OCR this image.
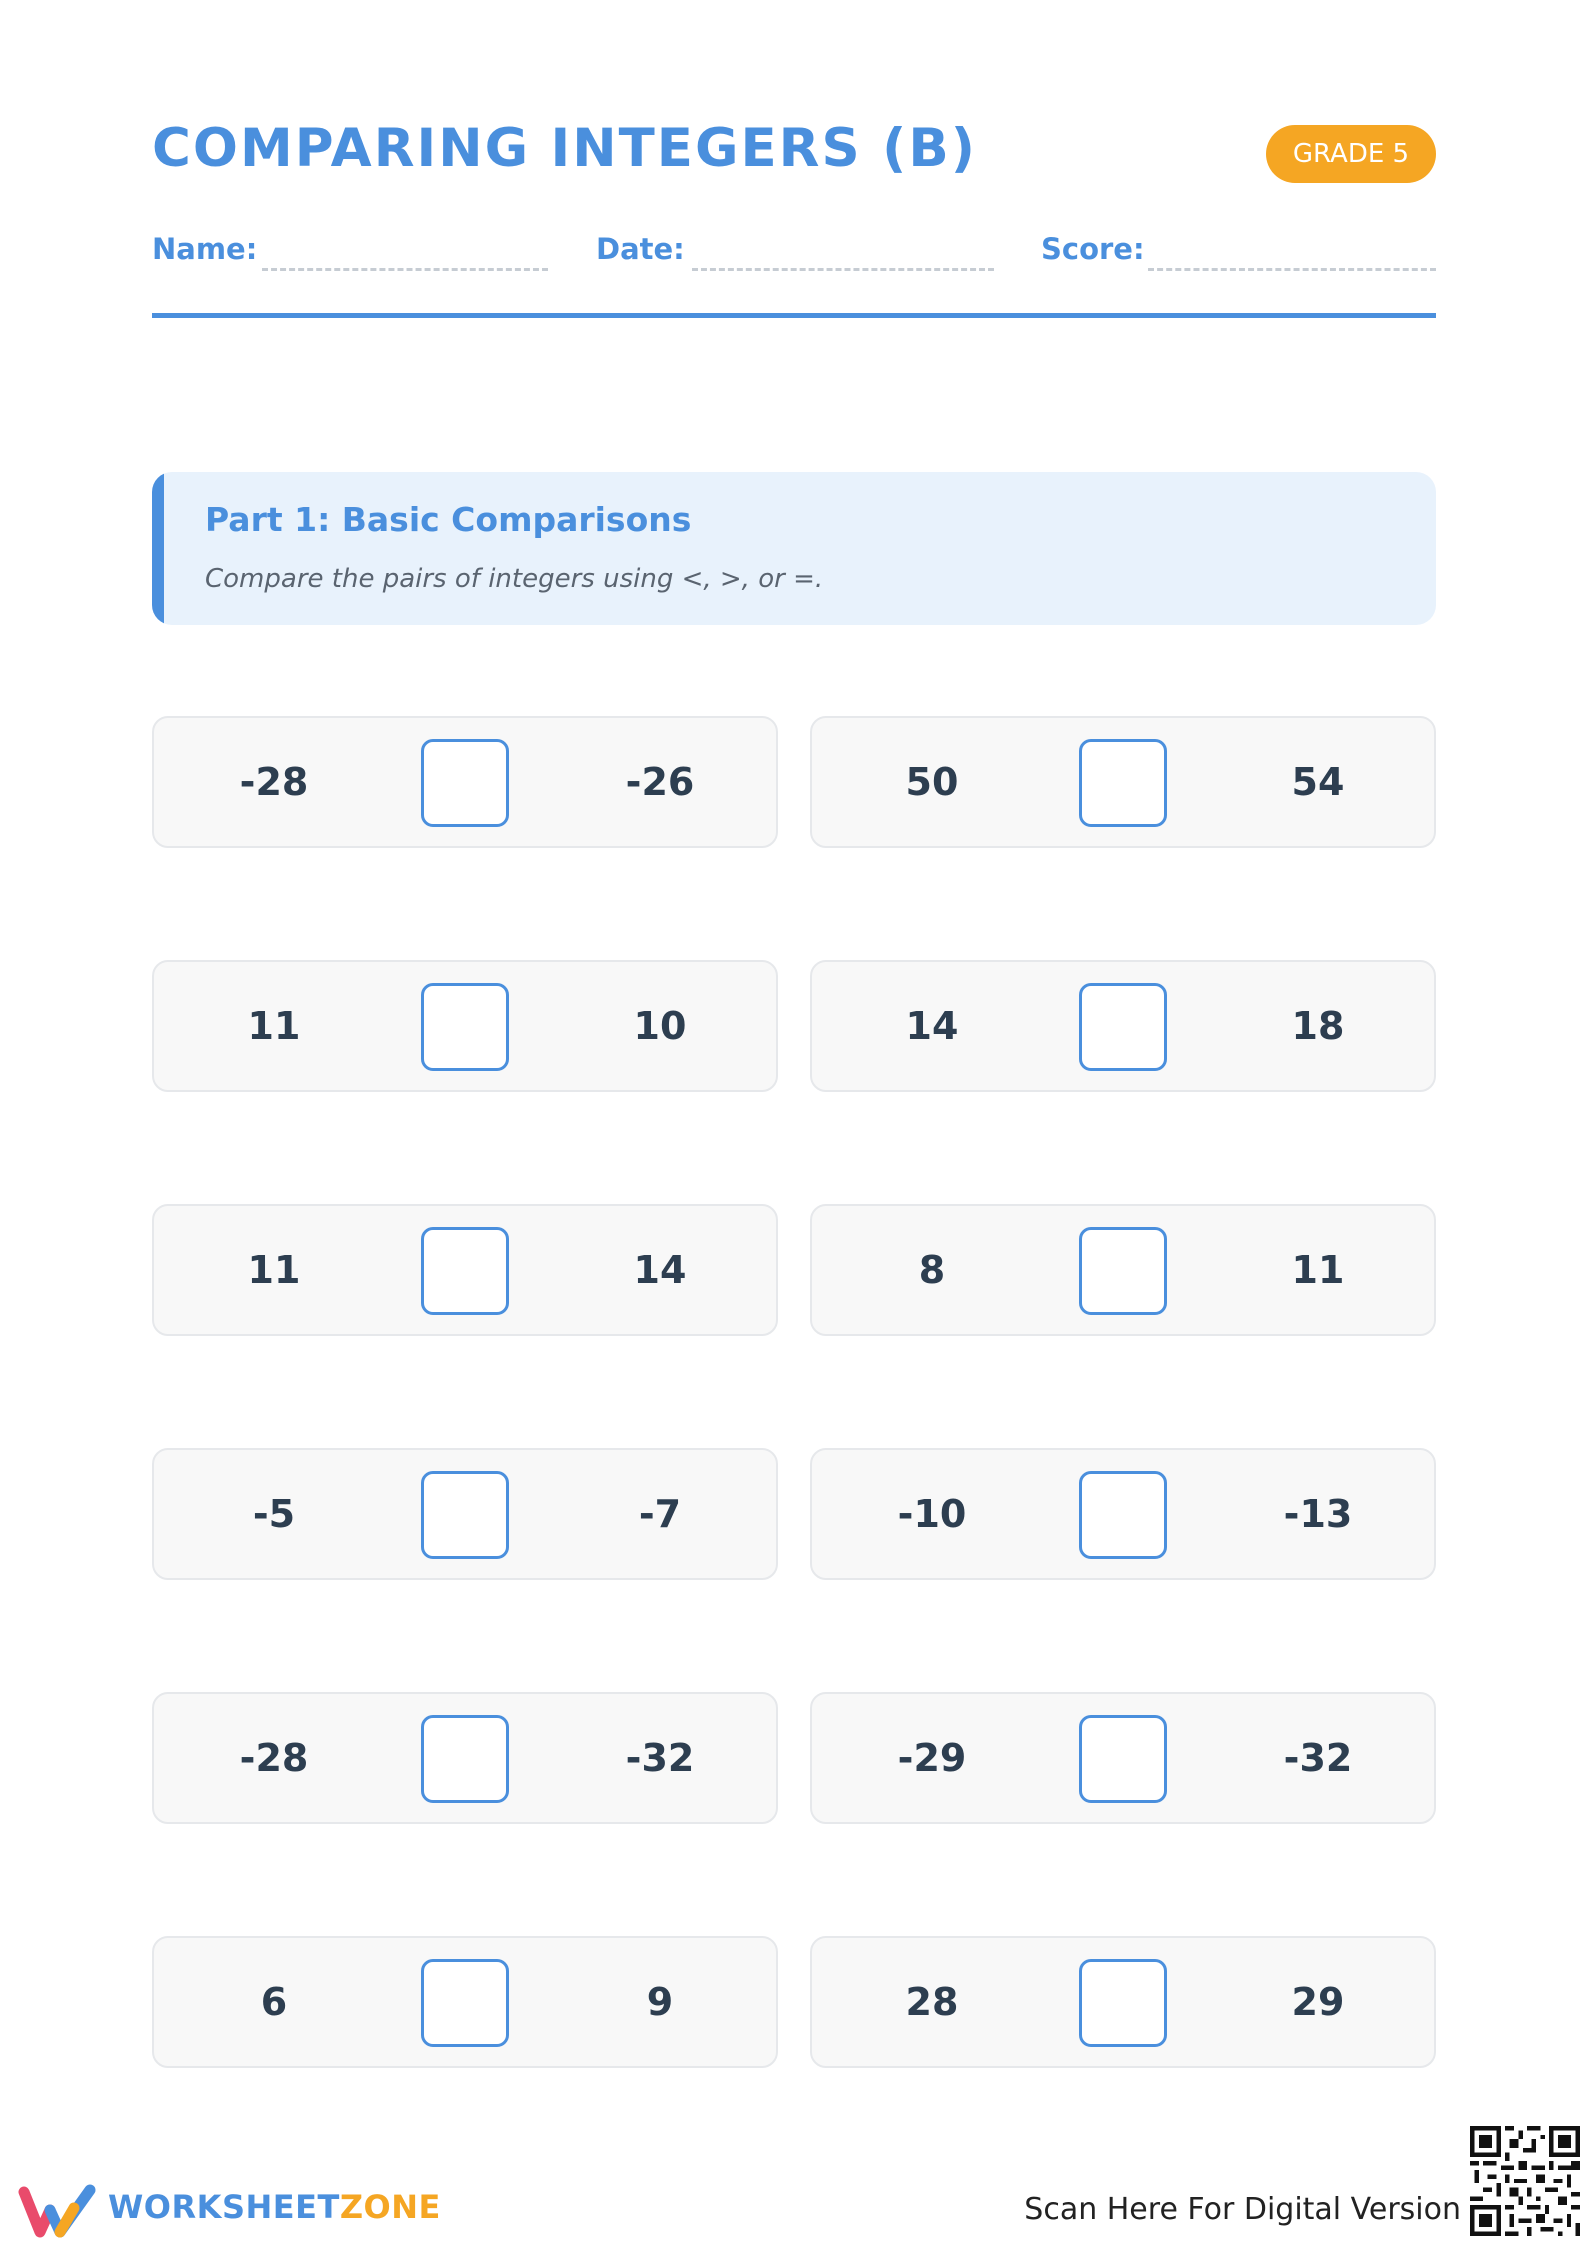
COMPARING INTEGERS (B)	GRADE 5
Name:	Date:	Score:
Part 1: Basic Comparisons

Compare the pairs of integers using <, >, or =.

-28	-26	50	54
11	10	14	18
11	14	8	11
-5	-7	-10	-13
-28	-32	-29	-32
6	9	28	29
WORKSHEETZONE	Scan Here For Digital Version
